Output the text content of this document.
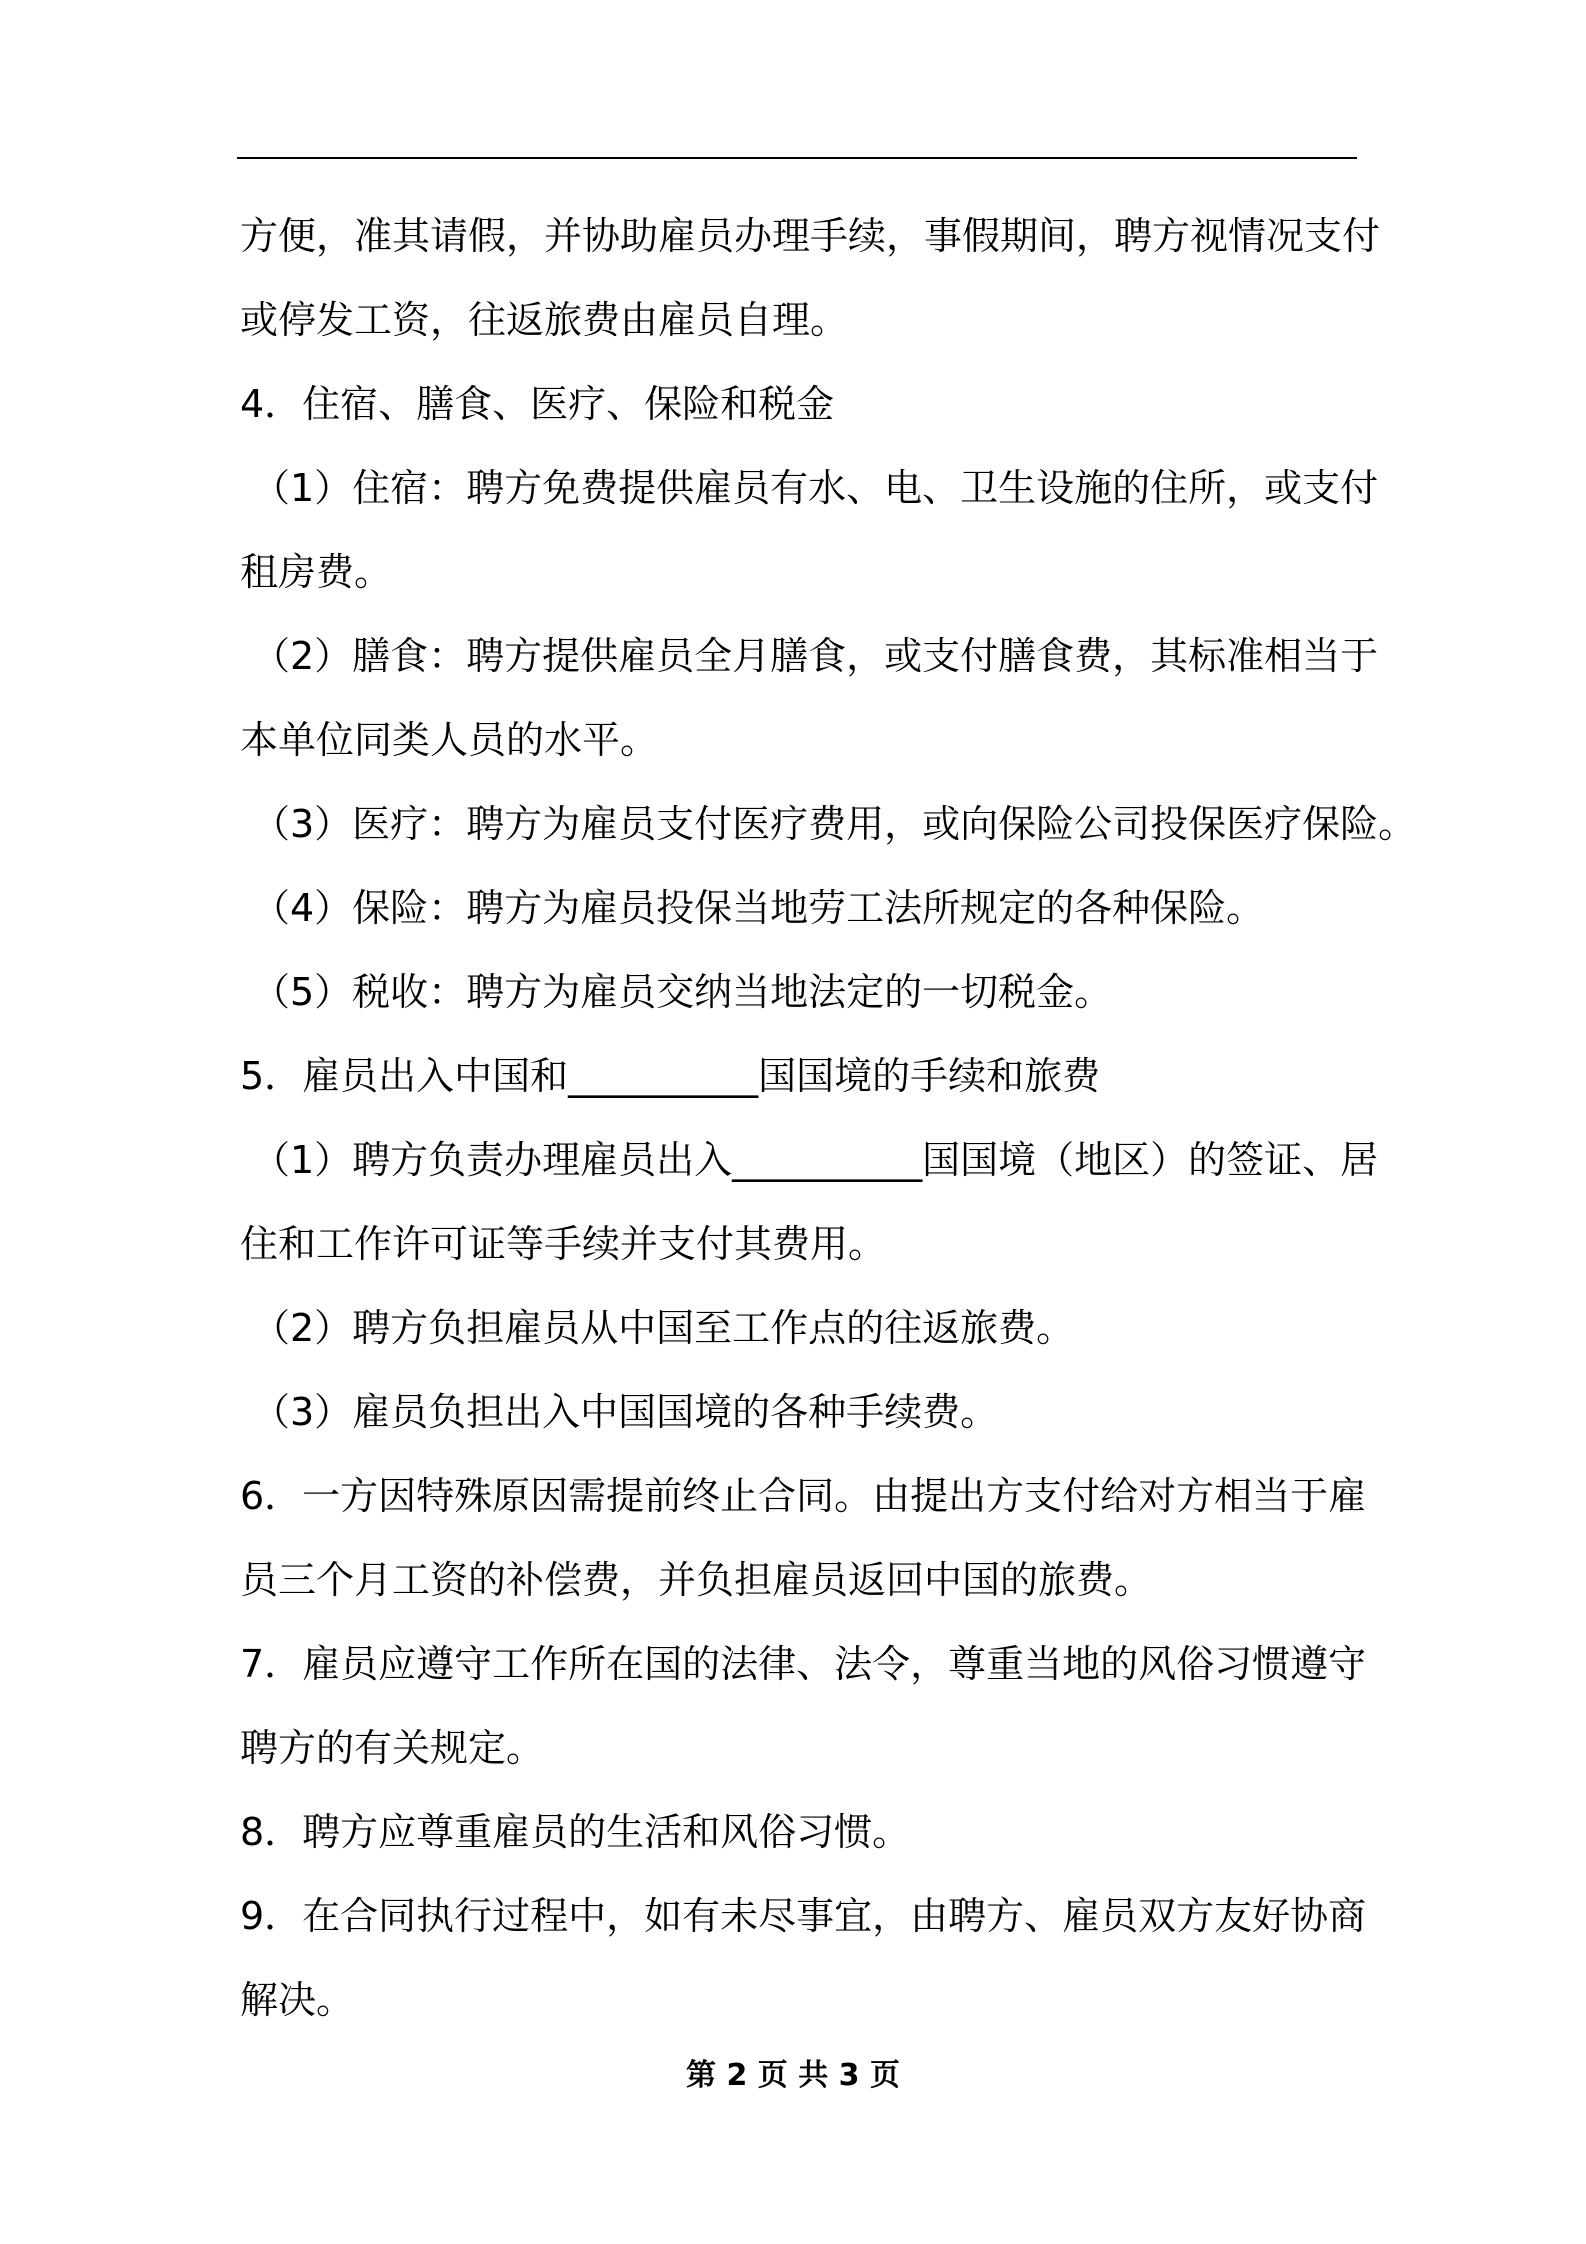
方便，准其请假，并协助雇员办理手续，事假期间，聘方视情况支付
或停发工资，往返旅费由雇员自理。
4．住宿、膳食、医疗、保险和税金
（1）住宿：聘方免费提供雇员有水、电、卫生设施的住所，或支付
租房费。
（2）膳食：聘方提供雇员全月膳食，或支付膳食费，其标准相当于
本单位同类人员的水平。
（3）医疗：聘方为雇员支付医疗费用，或向保险公司投保医疗保险。
（4）保险：聘方为雇员投保当地劳工法所规定的各种保险。
（5）税收：聘方为雇员交纳当地法定的一切税金。
5．雇员出入中国和__________国国境的手续和旅费
（1）聘方负责办理雇员出入__________国国境（地区）的签证、居
住和工作许可证等手续并支付其费用。
（2）聘方负担雇员从中国至工作点的往返旅费。
（3）雇员负担出入中国国境的各种手续费。
6．一方因特殊原因需提前终止合同。由提出方支付给对方相当于雇
员三个月工资的补偿费，并负担雇员返回中国的旅费。
7．雇员应遵守工作所在国的法律、法令，尊重当地的风俗习惯遵守
聘方的有关规定。
8．聘方应尊重雇员的生活和风俗习惯。
9．在合同执行过程中，如有未尽事宜，由聘方、雇员双方友好协商
解决。
第 2 页 共 3 页
